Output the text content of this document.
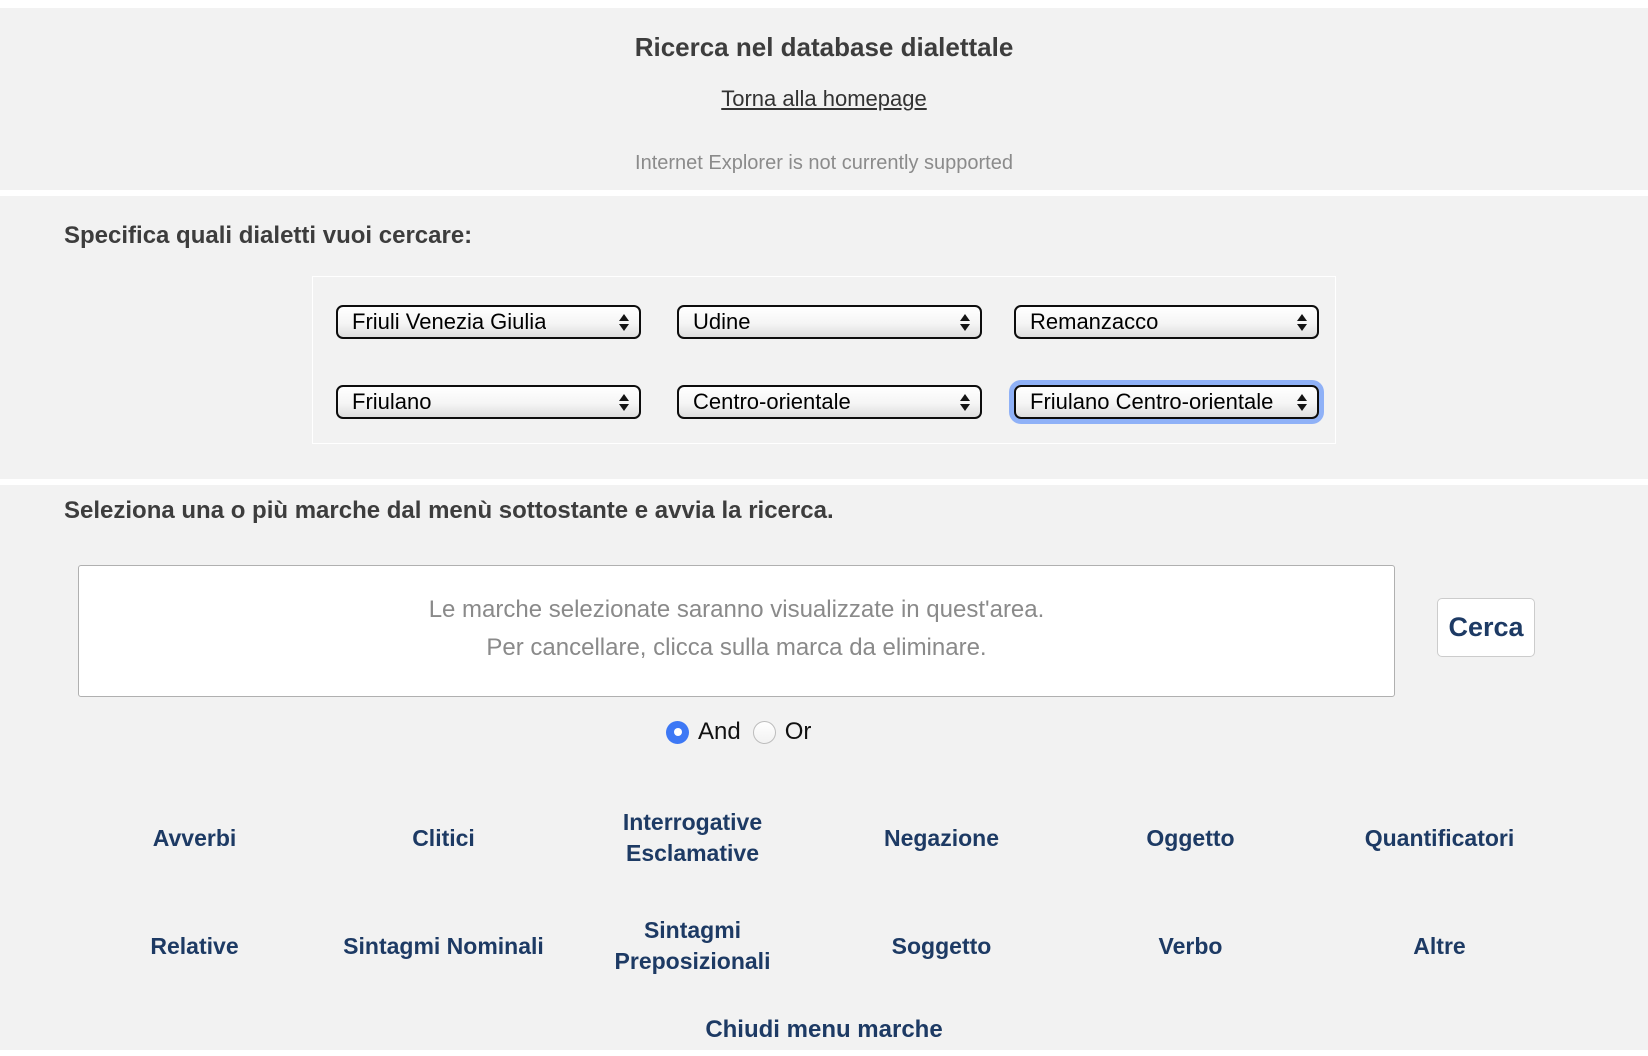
Ricerca nel database dialettale
Torna alla homepage
Internet Explorer is not currently supported
Specifica quali dialetti vuoi cercare:
Friuli Venezia Giulia	Udine	Remanzacco
Friulano	Centro-orientale	Friulano Centro-orientale
Seleziona una o più marche dal menù sottostante e avvia la ricerca.
Le marche selezionate saranno visualizzate in quest'area.
Per cancellare, clicca sulla marca da eliminare.
Cerca
And Or
Avverbi	Clitici
Interrogative Esclamative
Negazione	Oggetto	Quantificatori
Relative	Sintagmi Nominali
Sintagmi Preposizionali
Soggetto	Verbo	Altre
Chiudi menu marche
